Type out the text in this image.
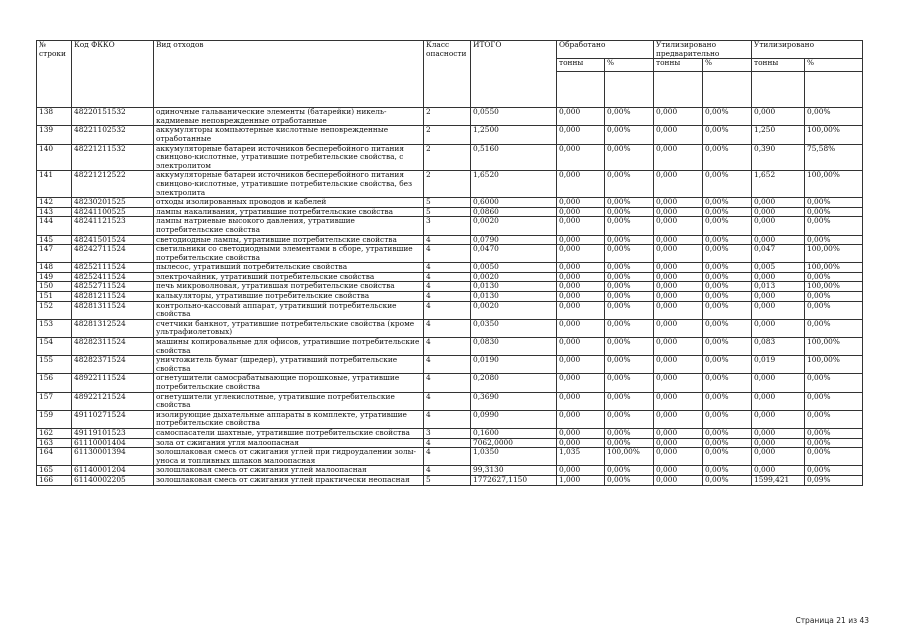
№ строки	Код ФККО	Вид отходов	Класс опасности	ИТОГО	Обработано		Утилизировано предварительно		Утилизировано	
					тонны	%	тонны	%	тонны	%

138	48220151532	одиночные гальванические элементы (батарейки) никель-кадмиевые неповрежденные отработанные	2	0,0550	0,000	0,00%	0,000	0,00%	0,000	0,00%
139	48221102532	аккумуляторы компьютерные кислотные неповрежденные отработанные	2	1,2500	0,000	0,00%	0,000	0,00%	1,250	100,00%
140	48221211532	аккумуляторные батареи источников бесперебойного питания свинцово-кислотные, утратившие потребительские свойства, с электролитом	2	0,5160	0,000	0,00%	0,000	0,00%	0,390	75,58%
141	48221212522	аккумуляторные батареи источников бесперебойного питания свинцово-кислотные, утратившие потребительские свойства, без электролита	2	1,6520	0,000	0,00%	0,000	0,00%	1,652	100,00%
142	48230201525	отходы изолированных проводов и кабелей	5	0,6000	0,000	0,00%	0,000	0,00%	0,000	0,00%
143	48241100525	лампы накаливания, утратившие потребительские свойства	5	0,0860	0,000	0,00%	0,000	0,00%	0,000	0,00%
144	48241121523	лампы натриевые высокого давления, утратившие потребительские свойства	3	0,0020	0,000	0,00%	0,000	0,00%	0,000	0,00%
145	48241501524	светодиодные лампы, утратившие потребительские свойства	4	0,0790	0,000	0,00%	0,000	0,00%	0,000	0,00%
147	48242711524	светильники со светодиодными элементами в сборе, утратившие потребительские свойства	4	0,0470	0,000	0,00%	0,000	0,00%	0,047	100,00%
148	48252111524	пылесос, утративший потребительские свойства	4	0,0050	0,000	0,00%	0,000	0,00%	0,005	100,00%
149	48252411524	электрочайник, утративший потребительские свойства	4	0,0020	0,000	0,00%	0,000	0,00%	0,000	0,00%
150	48252711524	печь микроволновая, утратившая потребительские свойства	4	0,0130	0,000	0,00%	0,000	0,00%	0,013	100,00%
151	48281211524	калькуляторы, утратившие потребительские свойства	4	0,0130	0,000	0,00%	0,000	0,00%	0,000	0,00%
152	48281311524	контрольно-кассовый аппарат, утративший потребительские свойства	4	0,0020	0,000	0,00%	0,000	0,00%	0,000	0,00%
153	48281312524	счетчики банкнот, утратившие потребительские свойства (кроме ультрафиолетовых)	4	0,0350	0,000	0,00%	0,000	0,00%	0,000	0,00%
154	48282311524	машины копировальные для офисов, утратившие потребительские свойства	4	0,0830	0,000	0,00%	0,000	0,00%	0,083	100,00%
155	48282371524	уничтожитель бумаг (шредер), утративший потребительские свойства	4	0,0190	0,000	0,00%	0,000	0,00%	0,019	100,00%
156	48922111524	огнетушители самосрабатывающие порошковые, утратившие потребительские свойства	4	0,2080	0,000	0,00%	0,000	0,00%	0,000	0,00%
157	48922121524	огнетушители углекислотные, утратившие потребительские свойства	4	0,3690	0,000	0,00%	0,000	0,00%	0,000	0,00%
159	49110271524	изолирующие дыхательные аппараты в комплекте, утратившие потребительские свойства	4	0,0990	0,000	0,00%	0,000	0,00%	0,000	0,00%
162	49119101523	самоспасатели шахтные, утратившие потребительские свойства	3	0,1600	0,000	0,00%	0,000	0,00%	0,000	0,00%
163	61110001404	зола от сжигания угля малоопасная	4	7062,0000	0,000	0,00%	0,000	0,00%	0,000	0,00%
164	61130001394	золошлаковая смесь от сжигания углей при гидроудалении золы-уноса и топливных шлаков малоопасная	4	1,0350	1,035	100,00%	0,000	0,00%	0,000	0,00%
165	61140001204	золошлаковая смесь от сжигания углей малоопасная	4	99,3130	0,000	0,00%	0,000	0,00%	0,000	0,00%
166	61140002205	золошлаковая смесь от сжигания углей практически неопасная	5	1772627,1150	1,000	0,00%	0,000	0,00%	1599,421	0,09%
Страница 21 из 43
